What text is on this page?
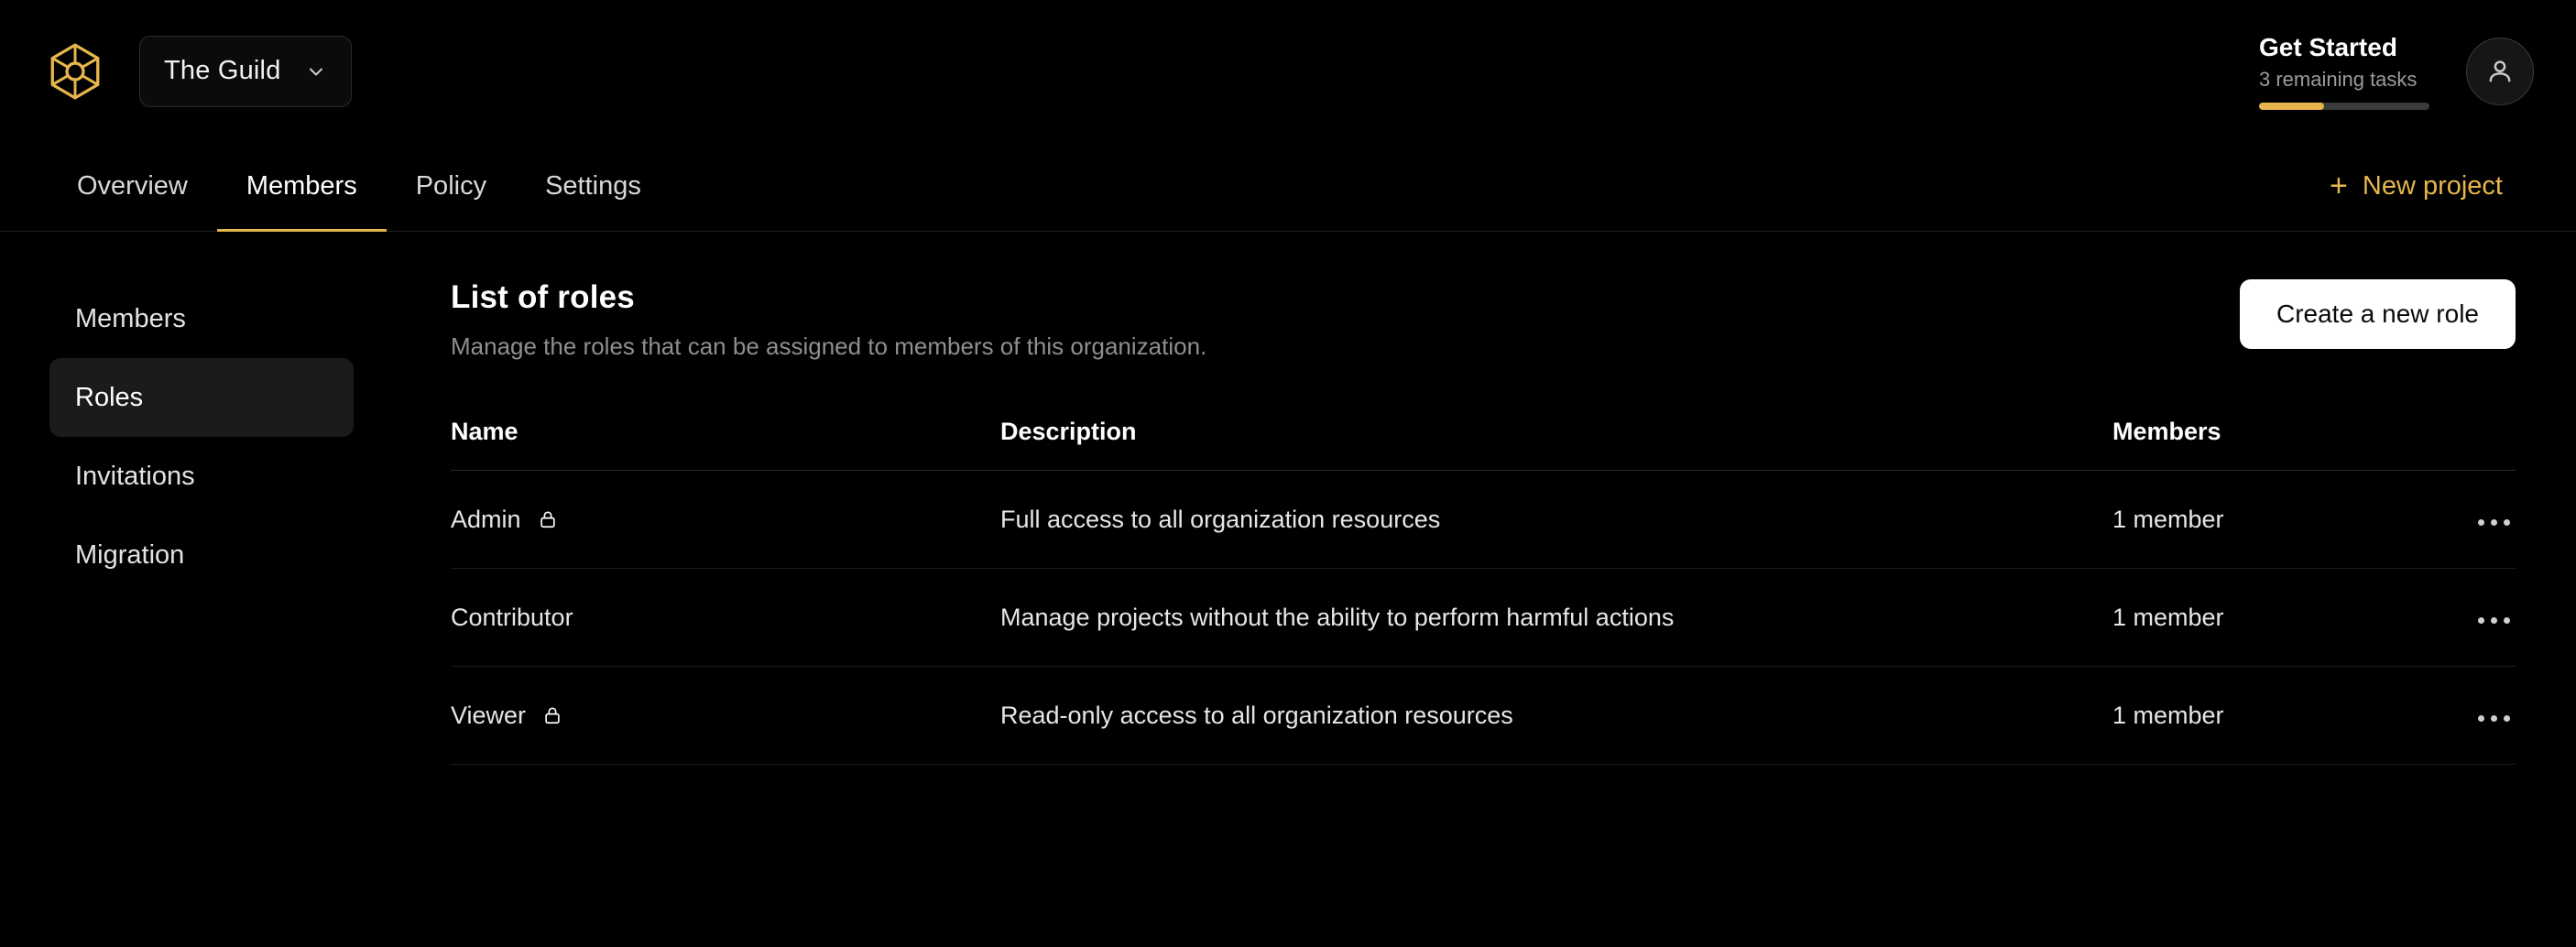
The Guild
Get Started
3 remaining tasks
Overview Members Policy Settings	+ New project
Members
Roles
Invitations
Migration
List of roles
Manage the roles that can be assigned to members of this organization.
Create a new role
Name	Description	Members	

Admin	Full access to all organization resources	1 member	

Contributor	Manage projects without the ability to perform harmful actions	1 member	

Viewer	Read-only access to all organization resources	1 member	
